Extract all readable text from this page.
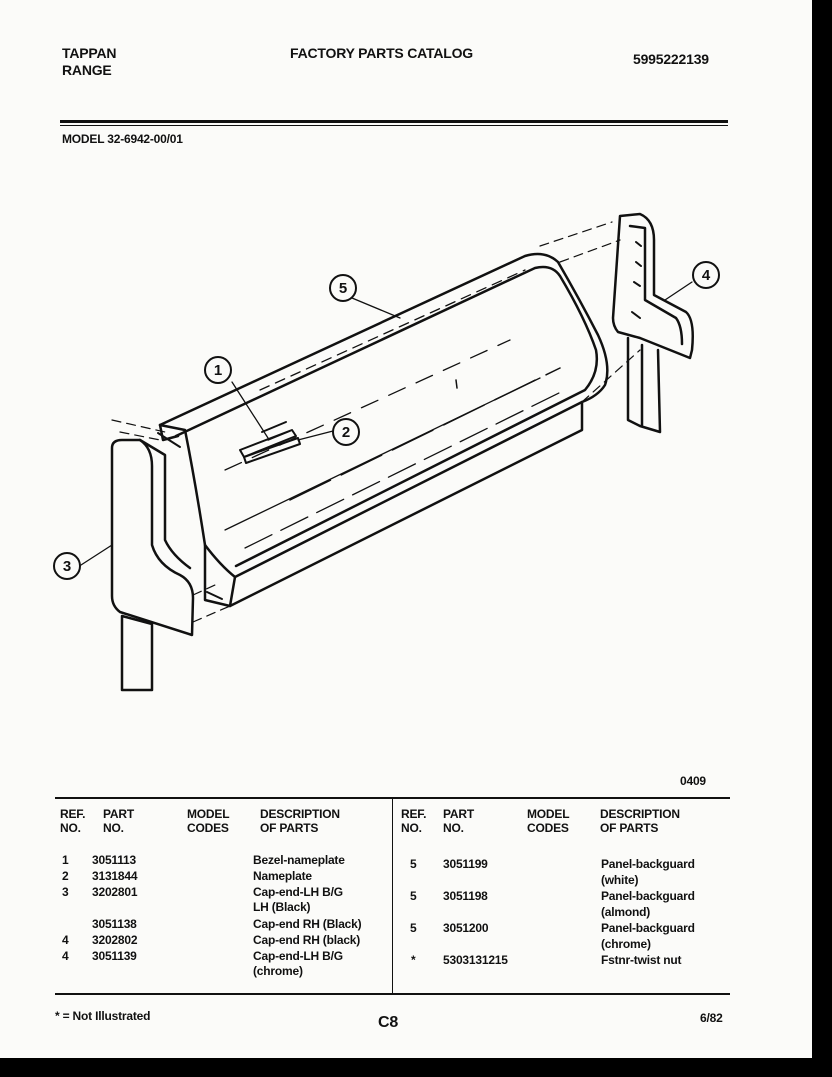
TAPPAN
RANGE
FACTORY PARTS CATALOG	5995222139
MODEL 32-6942-00/01
1
2
3
4
5
0409
REF.
NO.
PART
NO.
MODEL
CODES
DESCRIPTION
OF PARTS
REF.
NO.
PART
NO.
MODEL
CODES
DESCRIPTION
OF PARTS
1 3051113	Bezel-nameplate
2 3131844	Nameplate
3 3202801	Cap-end-LH B/G
LH (Black)
3051138	Cap-end RH (Black)
4 3202802	Cap-end RH (black)
4 3051139	Cap-end-LH B/G
(chrome)
5 3051199	Panel-backguard
(white)
5 3051198	Panel-backguard
(almond)
5 3051200	Panel-backguard
(chrome)
* 5303131215	Fstnr-twist nut
* = Not Illustrated	C8	6/82
